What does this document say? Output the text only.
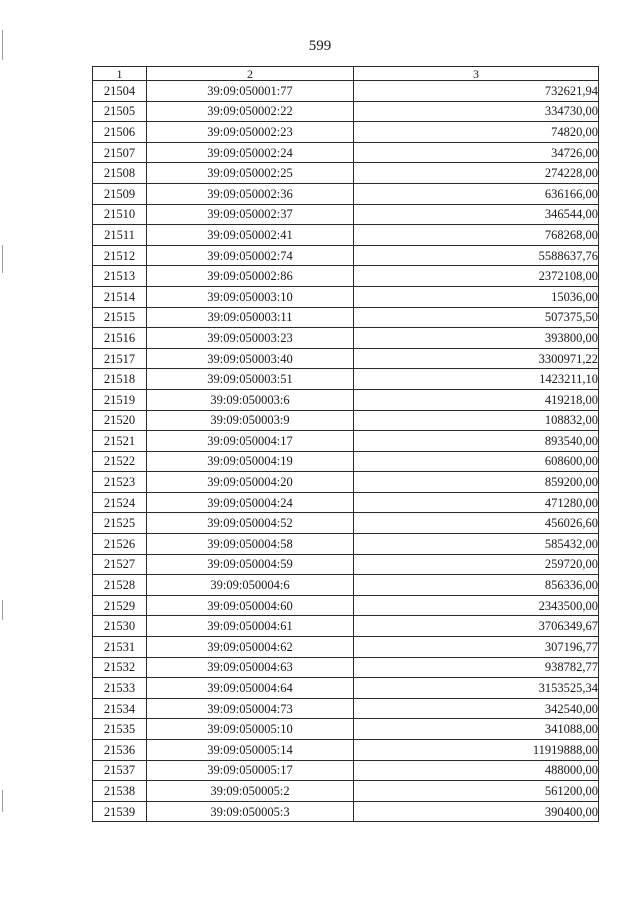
599
1	2	3
21504	39:09:050001:77	732621,94
21505	39:09:050002:22	334730,00
21506	39:09:050002:23	74820,00
21507	39:09:050002:24	34726,00
21508	39:09:050002:25	274228,00
21509	39:09:050002:36	636166,00
21510	39:09:050002:37	346544,00
21511	39:09:050002:41	768268,00
21512	39:09:050002:74	5588637,76
21513	39:09:050002:86	2372108,00
21514	39:09:050003:10	15036,00
21515	39:09:050003:11	507375,50
21516	39:09:050003:23	393800,00
21517	39:09:050003:40	3300971,22
21518	39:09:050003:51	1423211,10
21519	39:09:050003:6	419218,00
21520	39:09:050003:9	108832,00
21521	39:09:050004:17	893540,00
21522	39:09:050004:19	608600,00
21523	39:09:050004:20	859200,00
21524	39:09:050004:24	471280,00
21525	39:09:050004:52	456026,60
21526	39:09:050004:58	585432,00
21527	39:09:050004:59	259720,00
21528	39:09:050004:6	856336,00
21529	39:09:050004:60	2343500,00
21530	39:09:050004:61	3706349,67
21531	39:09:050004:62	307196,77
21532	39:09:050004:63	938782,77
21533	39:09:050004:64	3153525,34
21534	39:09:050004:73	342540,00
21535	39:09:050005:10	341088,00
21536	39:09:050005:14	11919888,00
21537	39:09:050005:17	488000,00
21538	39:09:050005:2	561200,00
21539	39:09:050005:3	390400,00
